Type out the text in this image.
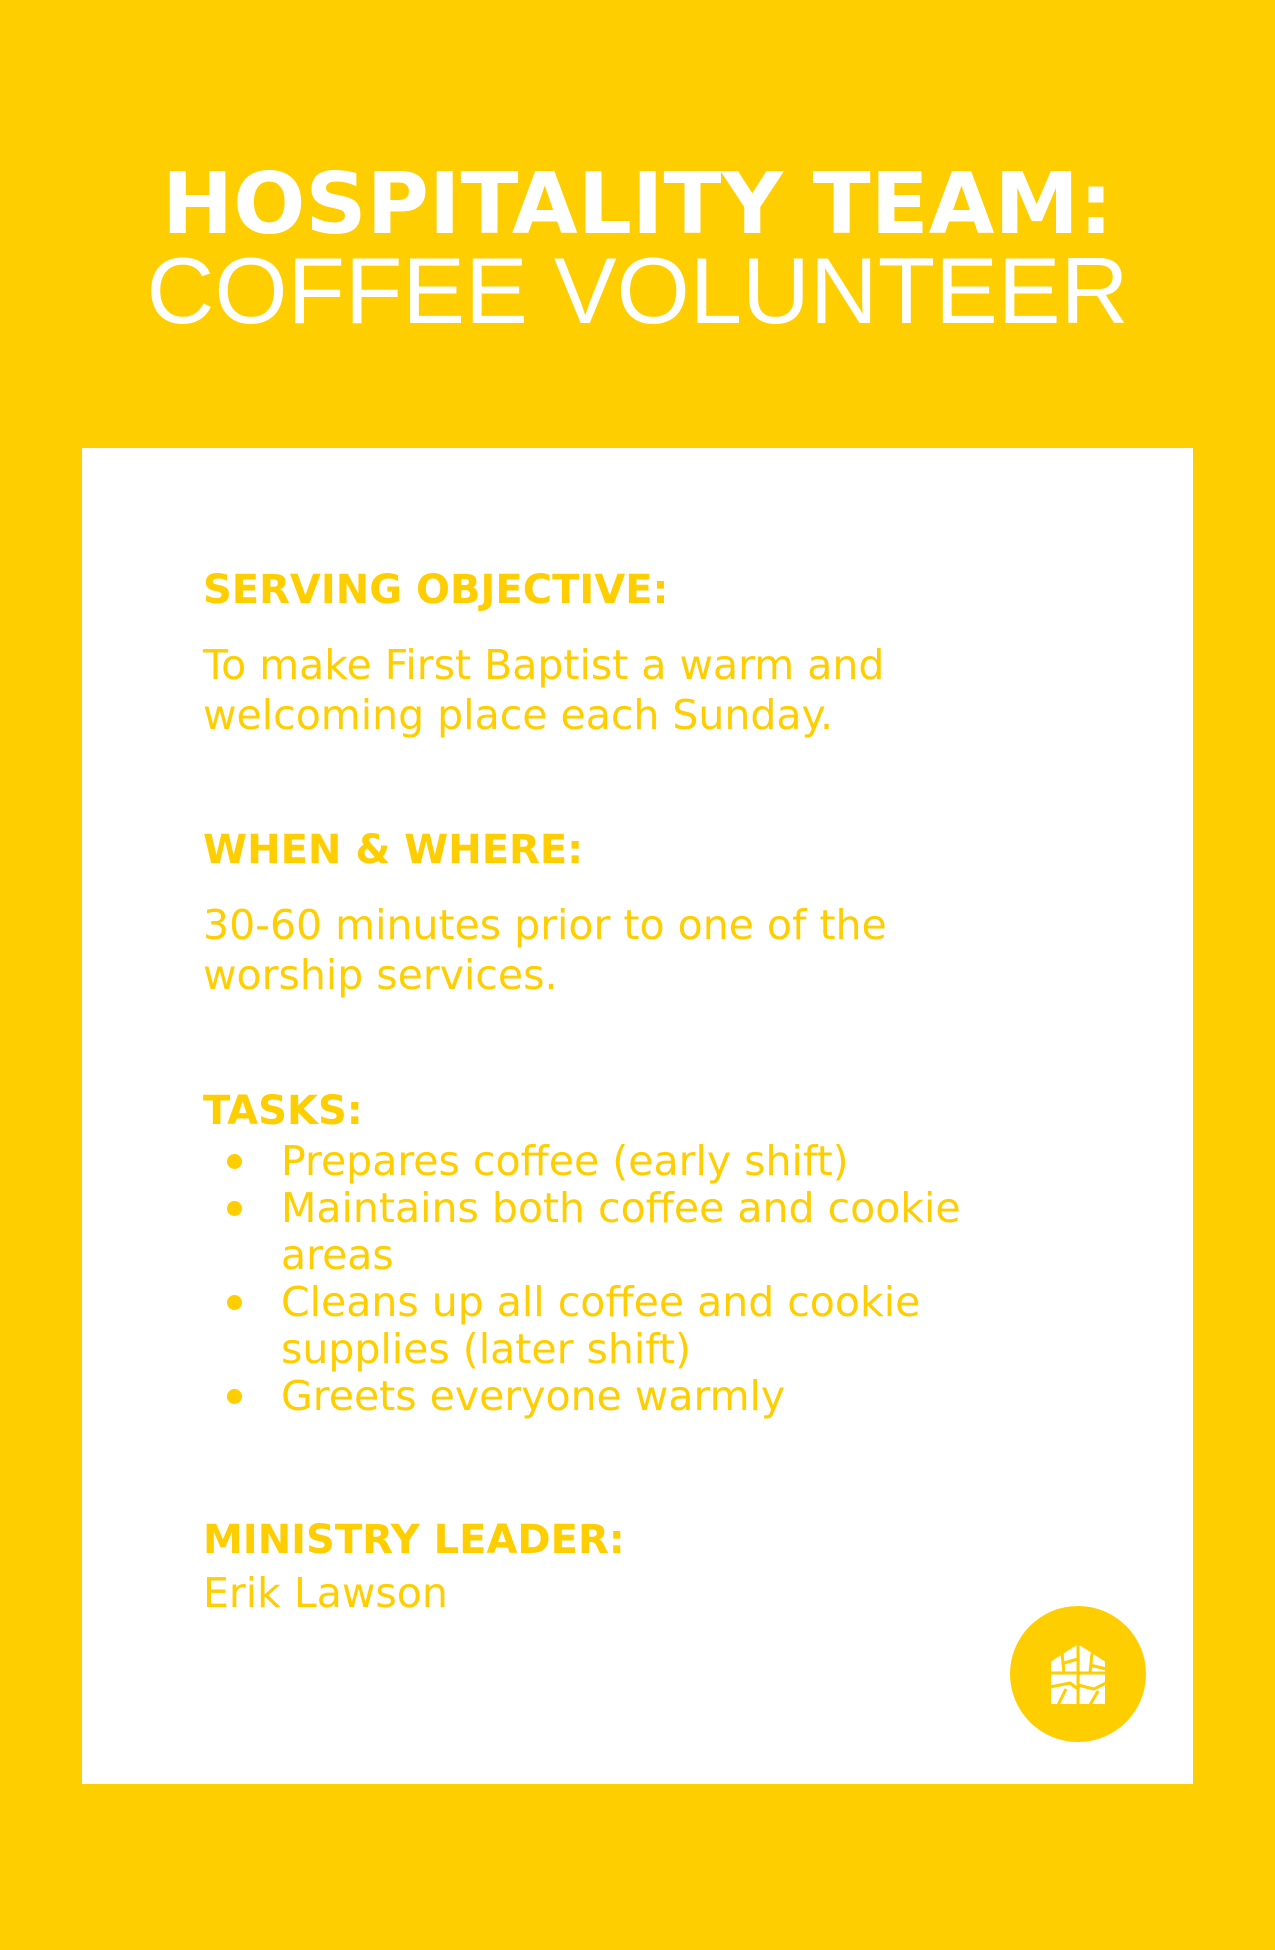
HOSPITALITY TEAM:
COFFEE VOLUNTEER
SERVING OBJECTIVE:
To make First Baptist a warm and
welcoming place each Sunday.
WHEN & WHERE:
30-60 minutes prior to one of the
worship services.
TASKS:
Prepares coffee (early shift)
Maintains both coffee and cookie
areas
Cleans up all coffee and cookie
supplies (later shift)
Greets everyone warmly
MINISTRY LEADER:
Erik Lawson
